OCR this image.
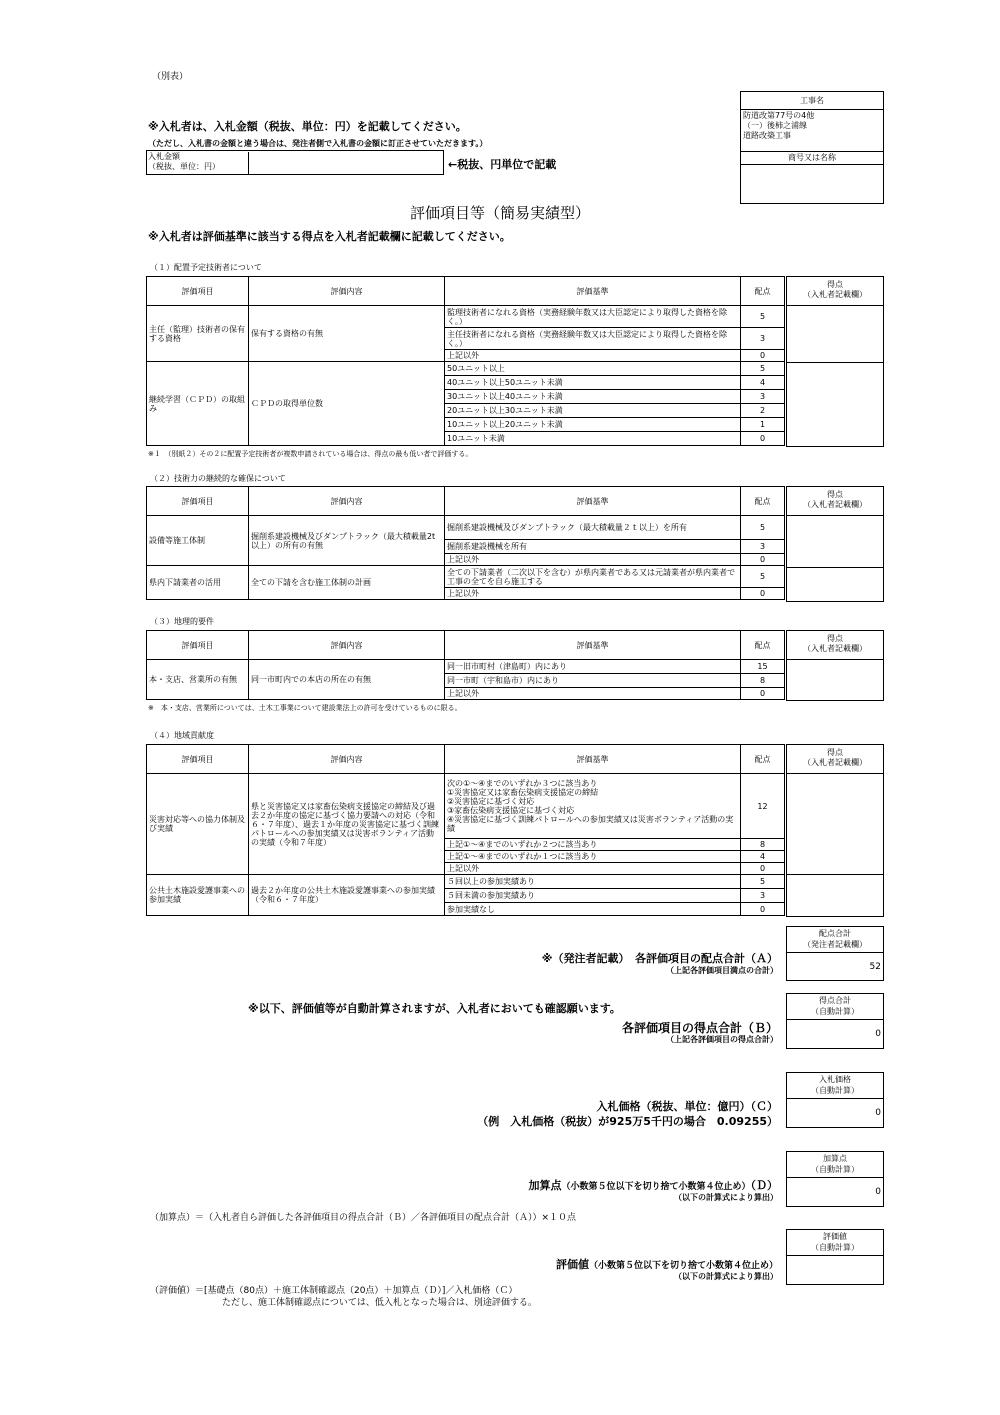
（別表）
※入札者は、入札金額（税抜、単位：円）を記載してください。
（ただし、入札書の金額と違う場合は、発注者側で入札書の金額に訂正させていただきます。）
入札金額
（税抜、単位：円）	←税抜、円単位で記載
工事名
防道改第77号の4他
（一）後柿之浦線
道路改築工事
商号又は名称
評価項目等（簡易実績型）
※入札者は評価基準に該当する得点を入札者記載欄に記載してください。
（１）配置予定技術者について
評価項目	評価内容	評価基準	配点
主任（監理）技術者の保有する資格	保有する資格の有無	監理技術者になれる資格（実務経験年数又は大臣認定により取得した資格を除く。）	5
		主任技術者になれる資格（実務経験年数又は大臣認定により取得した資格を除く。）	3
		上記以外	0
継続学習（ＣＰＤ）の取組み	ＣＰＤの取得単位数	50ユニット以上	5
		40ユニット以上50ユニット未満	4
		30ユニット以上40ユニット未満	3
		20ユニット以上30ユニット未満	2
		10ユニット以上20ユニット未満	1
		10ユニット未満	0
得点
（入札者記載欄）
※１　（別紙２）その２に配置予定技術者が複数申請されている場合は、得点の最も低い者で評価する。
（２）技術力の継続的な確保について
評価項目	評価内容	評価基準	配点
設備等施工体制	掘削系建設機械及びダンプトラック（最大積載量2t以上）の所有の有無	掘削系建設機械及びダンプトラック（最大積載量２ｔ以上）を所有	5
		掘削系建設機械を所有	3
		上記以外	0
県内下請業者の活用	全ての下請を含む施工体制の計画	全ての下請業者（二次以下を含む）が県内業者である又は元請業者が県内業者で工事の全てを自ら施工する	5
		上記以外	0
得点
（入札者記載欄）
（３）地理的要件
評価項目	評価内容	評価基準	配点
本・支店、営業所の有無	同一市町内での本店の所在の有無	同一旧市町村（津島町）内にあり	15
		同一市町（宇和島市）内にあり	8
		上記以外	0
得点
（入札者記載欄）
※　本・支店、営業所については、土木工事業について建設業法上の許可を受けているものに限る。
（４）地域貢献度
評価項目	評価内容	評価基準	配点
災害対応等への協力体制及び実績	県と災害協定又は家畜伝染病支援協定の締結及び過去２か年度の協定に基づく協力要請への対応（令和６・７年度）、過去１か年度の災害協定に基づく訓練パトロールへの参加実績又は災害ボランティア活動の実績（令和７年度）	次の①～④までのいずれか３つに該当あり
①災害協定又は家畜伝染病支援協定の締結
②災害協定に基づく対応
③家畜伝染病支援協定に基づく対応
④災害協定に基づく訓練パトロールへの参加実績又は災害ボランティア活動の実績	12
		上記①～④までのいずれか２つに該当あり	8
		上記①～④までのいずれか１つに該当あり	4
		上記以外	0
公共土木施設愛護事業への参加実績	過去２か年度の公共土木施設愛護事業への参加実績（令和６・７年度）	５回以上の参加実績あり	5
		５回未満の参加実績あり	3
		参加実績なし	0
得点
（入札者記載欄）
配点合計
（発注者記載欄）
52
※（発注者記載）　各評価項目の配点合計（Ａ）
（上記各評価項目満点の合計）
※以下、評価値等が自動計算されますが、入札者においても確認願います。
得点合計
（自動計算）
0
各評価項目の得点合計（Ｂ）
（上記各評価項目の得点合計）
入札価格
（自動計算）
0
入札価格（税抜、単位：億円）（Ｃ）
（例　入札価格（税抜）が925万5千円の場合　0.09255）
加算点
（自動計算）
0
加算点（小数第５位以下を切り捨て小数第４位止め）（Ｄ）
（以下の計算式により算出）
（加算点）＝（入札者自ら評価した各評価項目の得点合計（Ｂ）／各評価項目の配点合計（Ａ））×１０点
評価値
（自動計算）
評価値（小数第５位以下を切り捨て小数第４位止め）
（以下の計算式により算出）
（評価値）＝[基礎点（80点）＋施工体制確認点（20点）＋加算点（Ｄ）]／入札価格（Ｃ）
ただし、施工体制確認点については、低入札となった場合は、別途評価する。
